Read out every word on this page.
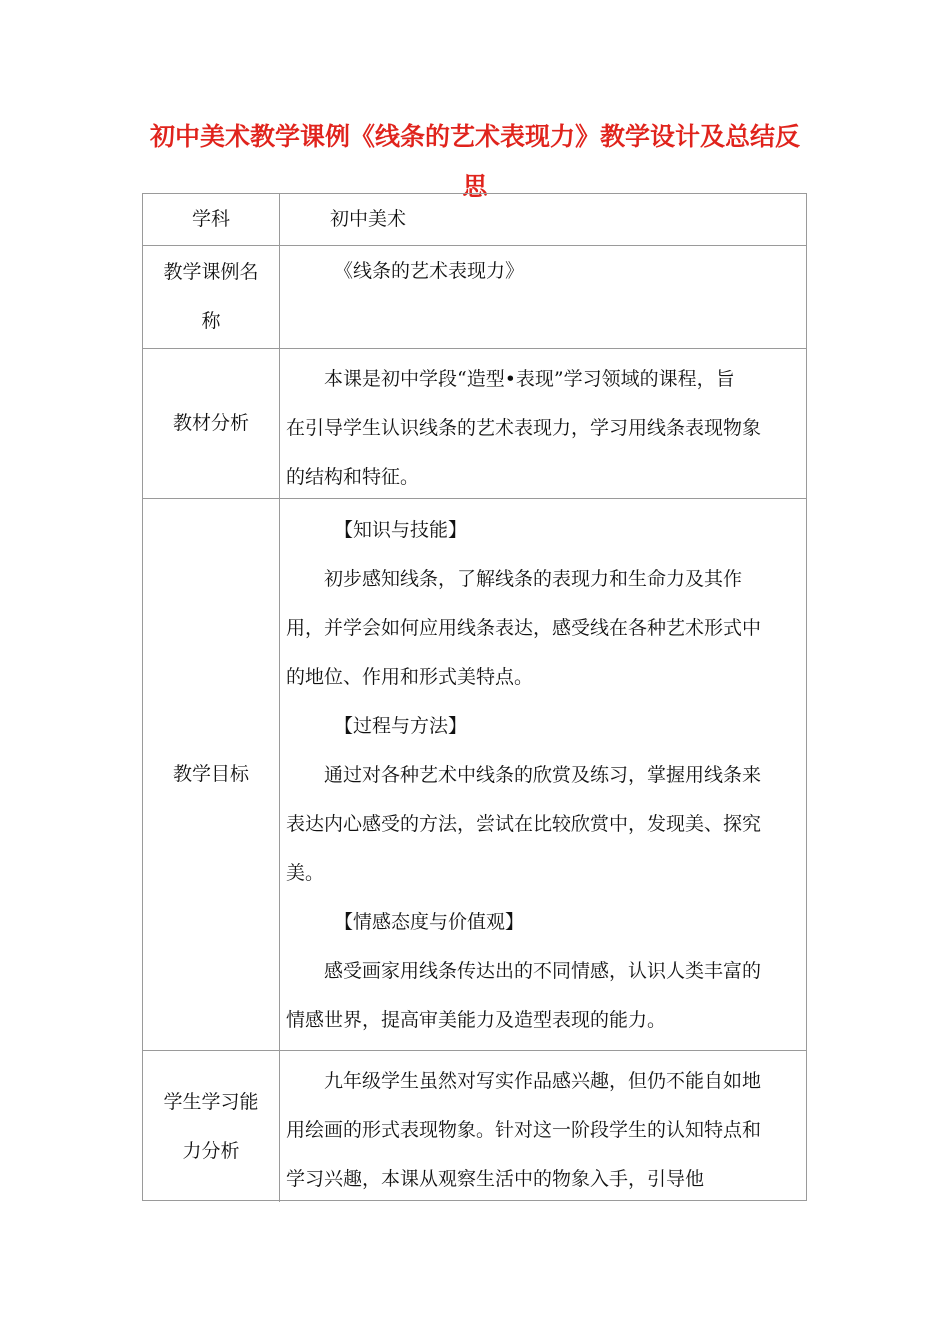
初中美术教学课例《线条的艺术表现力》教学设计及总结反
思
学科	初中美术

教学课例名
称

《线条的艺术表现力》

教材分析

本课是初中学段“造型•表现”学习领域的课程，旨

在引导学生认识线条的艺术表现力，学习用线条表现物象

的结构和特征。

教学目标

【知识与技能】

初步感知线条，了解线条的表现力和生命力及其作

用，并学会如何应用线条表达，感受线在各种艺术形式中

的地位、作用和形式美特点。

【过程与方法】

通过对各种艺术中线条的欣赏及练习，掌握用线条来

表达内心感受的方法，尝试在比较欣赏中，发现美、探究

美。

【情感态度与价值观】

感受画家用线条传达出的不同情感，认识人类丰富的

情感世界，提高审美能力及造型表现的能力。

学生学习能
力分析

九年级学生虽然对写实作品感兴趣，但仍不能自如地

用绘画的形式表现物象。针对这一阶段学生的认知特点和

学习兴趣，本课从观察生活中的物象入手，引导他
